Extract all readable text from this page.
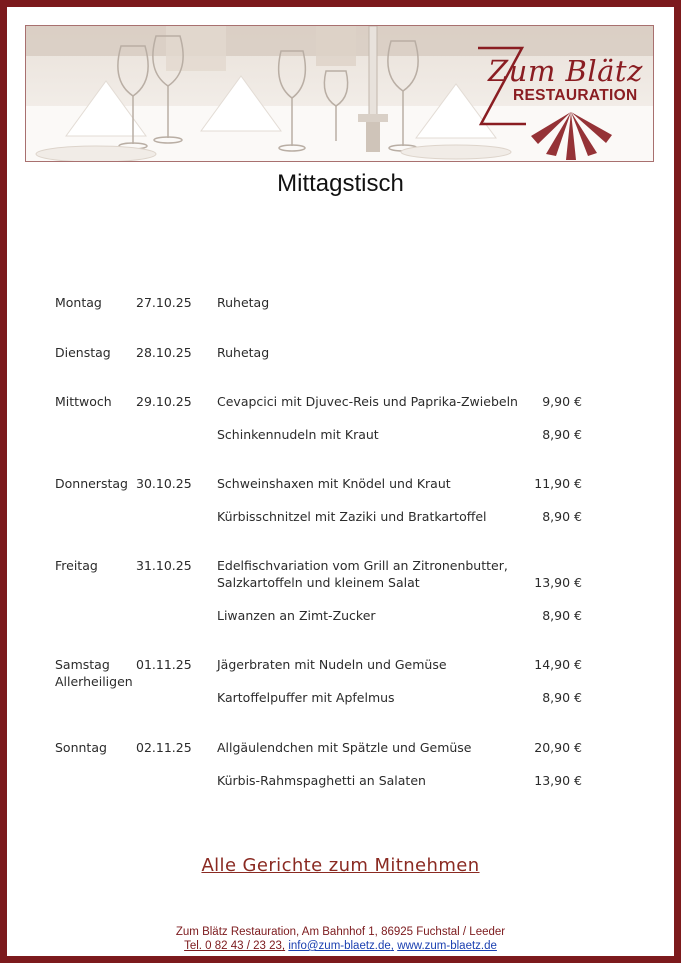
Zum Blätz
RESTAURATION
Mittagstisch
Montag	27.10.25 Ruhetag
Dienstag 28.10.25 Ruhetag
Mittwoch 29.10.25 Cevapcici mit Djuvec-Reis und Paprika-Zwiebeln	9,90 €
Schinkennudeln mit Kraut	8,90 €
Donnerstag 30.10.25 Schweinshaxen mit Knödel und Kraut	11,90 €
Kürbisschnitzel mit Zaziki und Bratkartoffel	8,90 €
Freitag	31.10.25 Edelfischvariation vom Grill an Zitronenbutter,
Salzkartoffeln und kleinem Salat	13,90 €
Liwanzen an Zimt-Zucker	8,90 €
Samstag
Allerheiligen
01.11.25 Jägerbraten mit Nudeln und Gemüse	14,90 €
Kartoffelpuffer mit Apfelmus	8,90 €
Sonntag 02.11.25 Allgäulendchen mit Spätzle und Gemüse	20,90 €
Kürbis-Rahmspaghetti an Salaten	13,90 €
Alle Gerichte zum Mitnehmen
Zum Blätz Restauration, Am Bahnhof 1, 86925 Fuchstal / Leeder
Tel. 0 82 43 / 23 23, info@zum-blaetz.de, www.zum-blaetz.de
